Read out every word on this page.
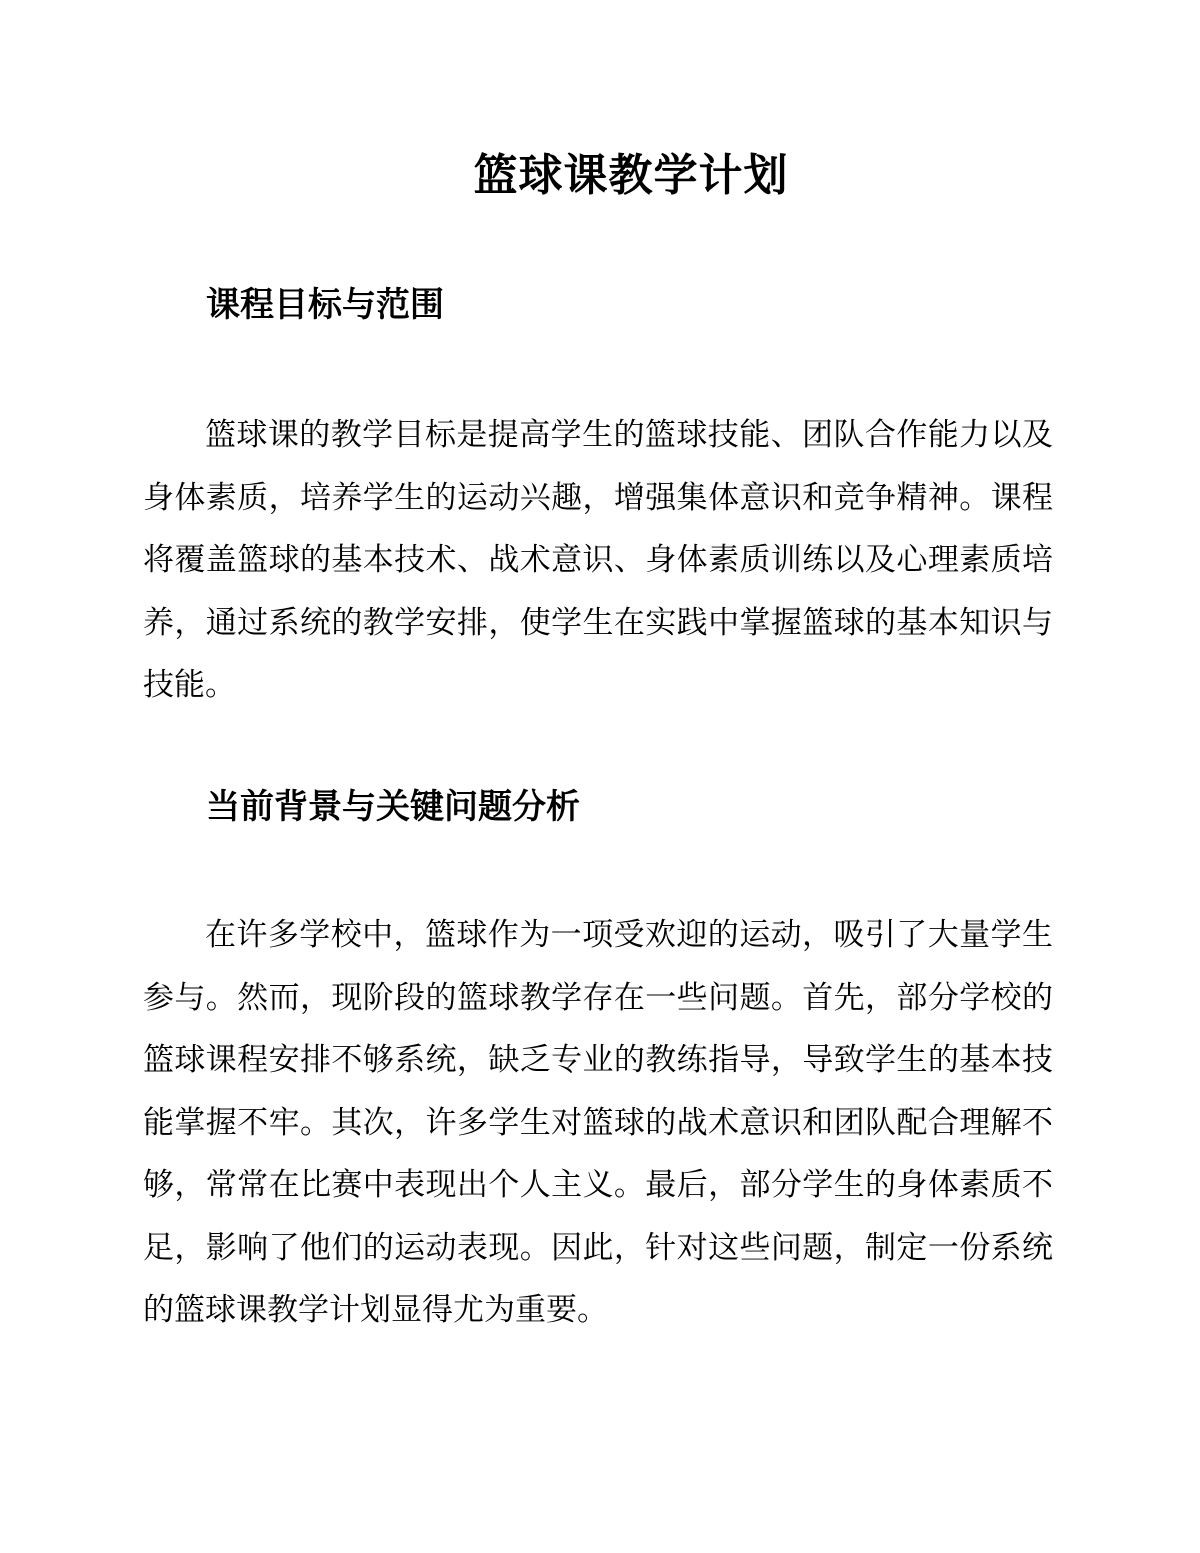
篮球课教学计划
课程目标与范围

篮球课的教学目标是提高学生的篮球技能、团队合作能力以及身体素质，培养学生的运动兴趣，增强集体意识和竞争精神。课程将覆盖篮球的基本技术、战术意识、身体素质训练以及心理素质培养，通过系统的教学安排，使学生在实践中掌握篮球的基本知识与技能。

当前背景与关键问题分析

在许多学校中，篮球作为一项受欢迎的运动，吸引了大量学生参与。然而，现阶段的篮球教学存在一些问题。首先，部分学校的篮球课程安排不够系统，缺乏专业的教练指导，导致学生的基本技能掌握不牢。其次，许多学生对篮球的战术意识和团队配合理解不够，常常在比赛中表现出个人主义。最后，部分学生的身体素质不足，影响了他们的运动表现。因此，针对这些问题，制定一份系统的篮球课教学计划显得尤为重要。
